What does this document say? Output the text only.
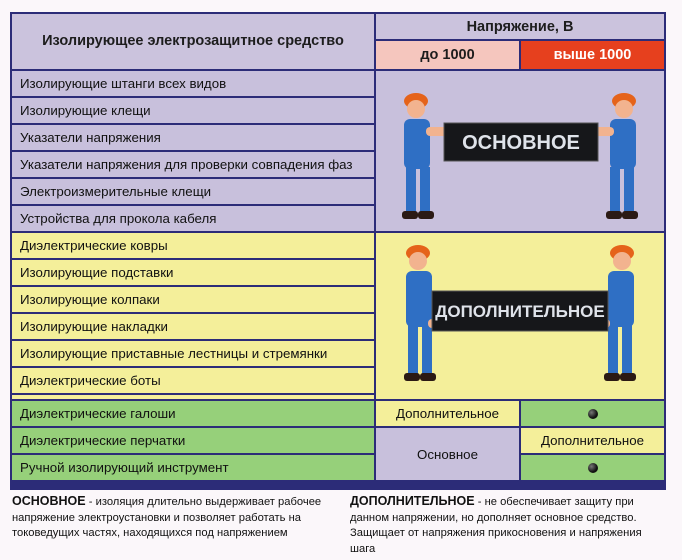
Изолирующее электрозащитное средство
Напряжение, В
до 1000	выше 1000
Изолирующие штанги всех видов
Изолирующие клещи
Указатели напряжения
Указатели напряжения для проверки совпадения фаз
Электроизмерительные клещи
Устройства для прокола кабеля
Диэлектрические ковры
Изолирующие подставки
Изолирующие колпаки
Изолирующие накладки
Изолирующие приставные лестницы и стремянки
Диэлектрические боты
Диэлектрические галоши
Диэлектрические перчатки
Ручной изолирующий инструмент
ОСНОВНОЕ
ДОПОЛНИТЕЛЬНОЕ
Дополнительное
Основное
Дополнительное

ОСНОВНОЕ - изоляция длительно выдерживает рабочее напряжение электроустановки и позволяет работать на токоведущих частях, находящихся под напряжением

ДОПОЛНИТЕЛЬНОЕ - не обеспечивает защиту при данном напряжении, но дополняет основное средство. Защищает от напряжения прикосновения и напряжения шага
